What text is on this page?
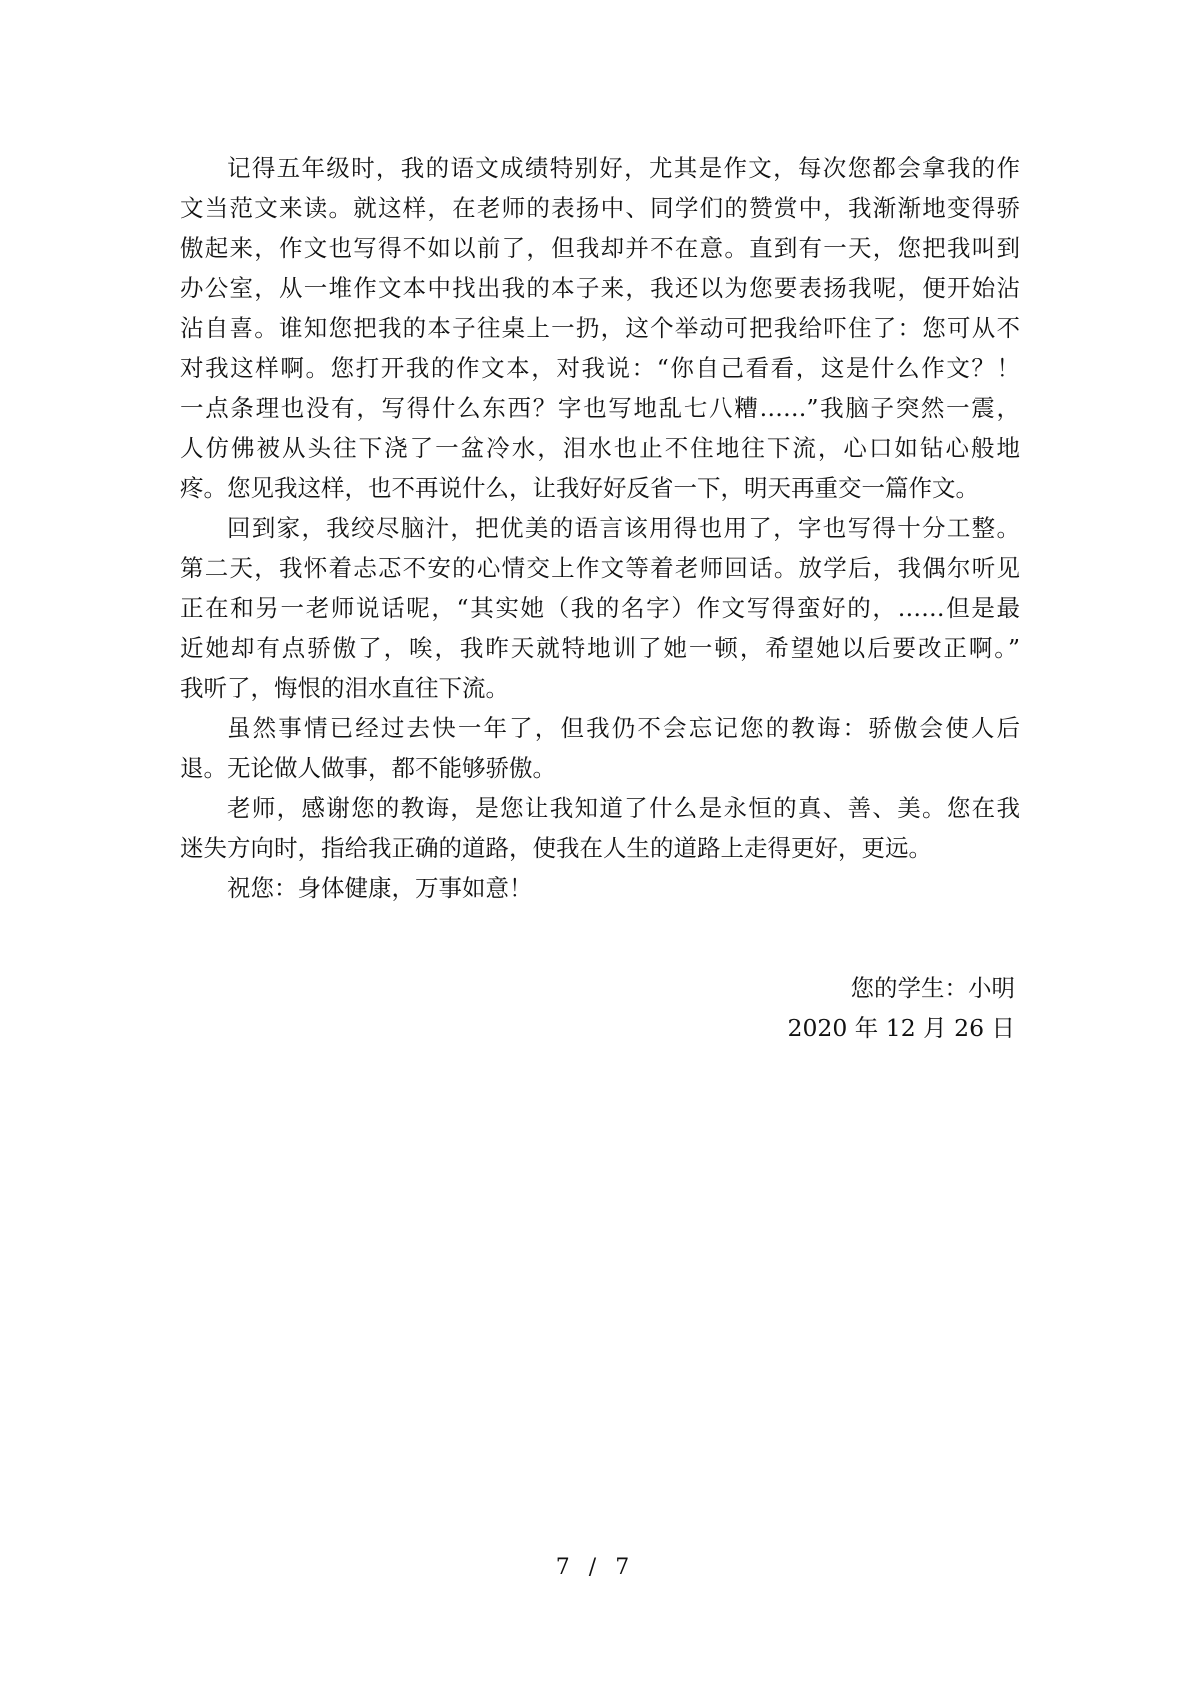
记得五年级时，我的语文成绩特别好，尤其是作文，每次您都会拿我的作
文当范文来读。就这样，在老师的表扬中、同学们的赞赏中，我渐渐地变得骄
傲起来，作文也写得不如以前了，但我却并不在意。直到有一天，您把我叫到
办公室，从一堆作文本中找出我的本子来，我还以为您要表扬我呢，便开始沾
沾自喜。谁知您把我的本子往桌上一扔，这个举动可把我给吓住了：您可从不
对我这样啊。您打开我的作文本，对我说：“你自己看看，这是什么作文？！
一点条理也没有，写得什么东西？字也写地乱七八糟……”我脑子突然一震，
人仿佛被从头往下浇了一盆冷水，泪水也止不住地往下流，心口如钻心般地
疼。您见我这样，也不再说什么，让我好好反省一下，明天再重交一篇作文。
回到家，我绞尽脑汁，把优美的语言该用得也用了，字也写得十分工整。
第二天，我怀着忐忑不安的心情交上作文等着老师回话。放学后，我偶尔听见
正在和另一老师说话呢，“其实她（我的名字）作文写得蛮好的，……但是最
近她却有点骄傲了，唉，我昨天就特地训了她一顿，希望她以后要改正啊。”
我听了，悔恨的泪水直往下流。
虽然事情已经过去快一年了，但我仍不会忘记您的教诲：骄傲会使人后
退。无论做人做事，都不能够骄傲。
老师，感谢您的教诲，是您让我知道了什么是永恒的真、善、美。您在我
迷失方向时，指给我正确的道路，使我在人生的道路上走得更好，更远。
祝您：身体健康，万事如意！
您的学生：小明
2020 年 12 月 26 日
7 / 7
